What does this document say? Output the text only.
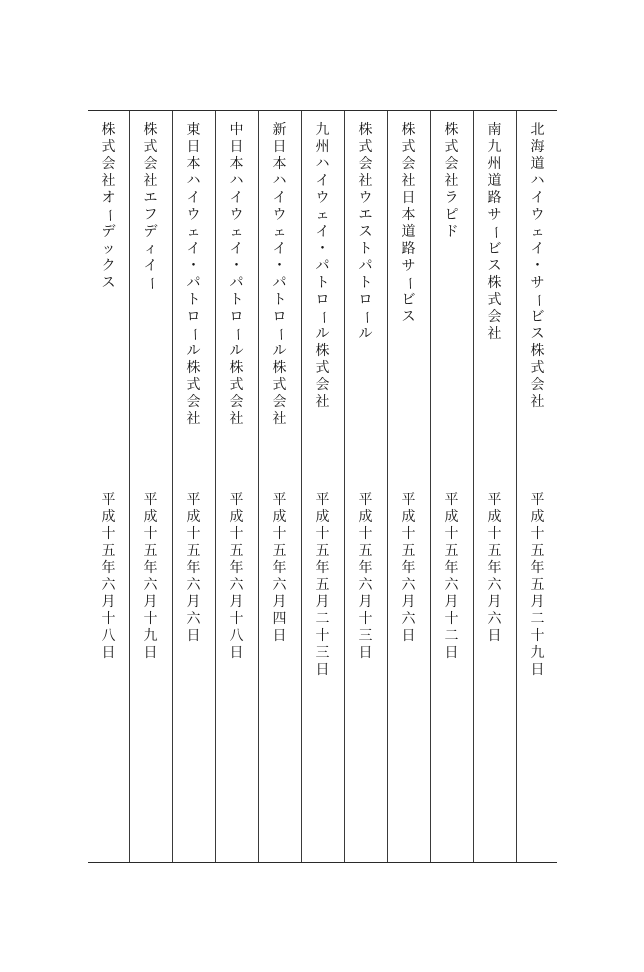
北
海
道
ハ
イ
ウ
ェ
イ
・
サ
ー
ビ
ス
株
式
会
社
平
成
十
五
年
五
月
二
十
九
日
南
九
州
道
路
サ
ー
ビ
ス
株
式
会
社
平
成
十
五
年
六
月
六
日
株
式
会
社
ラ
ピ
ド
平
成
十
五
年
六
月
十
二
日
株
式
会
社
日
本
道
路
サ
ー
ビ
ス
平
成
十
五
年
六
月
六
日
株
式
会
社
ウ
エ
ス
ト
パ
ト
ロ
ー
ル
平
成
十
五
年
六
月
十
三
日
九
州
ハ
イ
ウ
ェ
イ
・
パ
ト
ロ
ー
ル
株
式
会
社
平
成
十
五
年
五
月
二
十
三
日
新
日
本
ハ
イ
ウ
ェ
イ
・
パ
ト
ロ
ー
ル
株
式
会
社
平
成
十
五
年
六
月
四
日
中
日
本
ハ
イ
ウ
ェ
イ
・
パ
ト
ロ
ー
ル
株
式
会
社
平
成
十
五
年
六
月
十
八
日
東
日
本
ハ
イ
ウ
ェ
イ
・
パ
ト
ロ
ー
ル
株
式
会
社
平
成
十
五
年
六
月
六
日
株
式
会
社
エ
フ
デ
ィ
イ
ー
平
成
十
五
年
六
月
十
九
日
株
式
会
社
オ
ー
デ
ッ
ク
ス
平
成
十
五
年
六
月
十
八
日
